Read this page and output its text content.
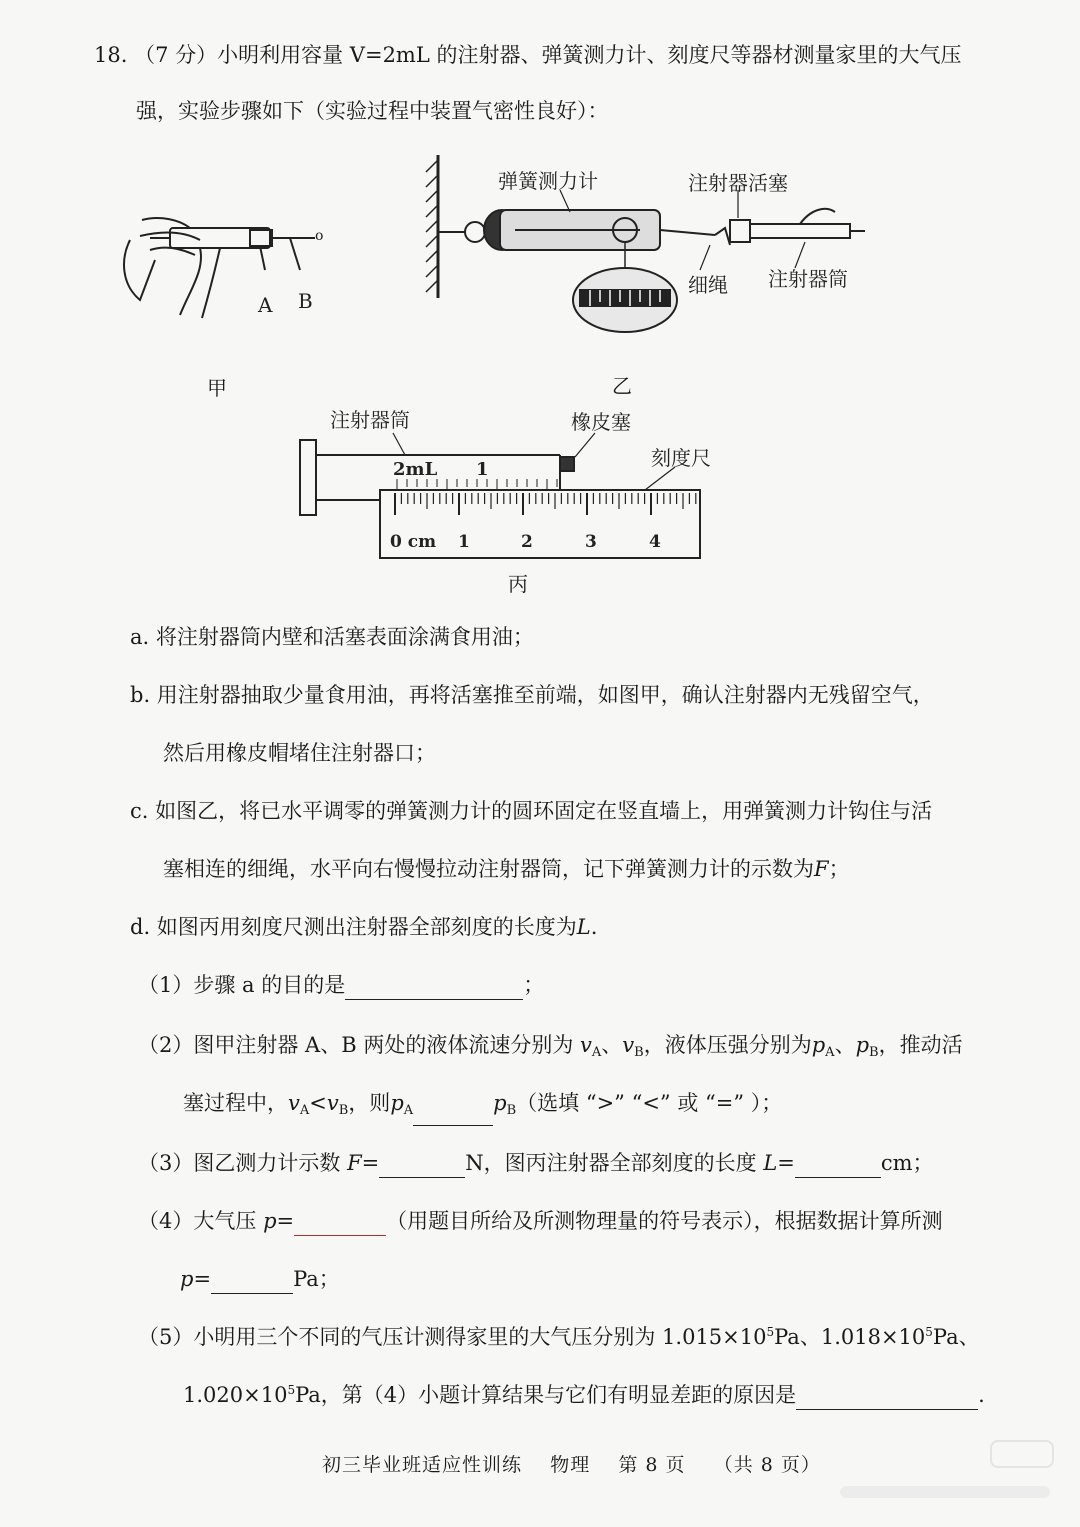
18. （7 分）小明利用容量 V=2mL 的注射器、弹簧测力计、刻度尺等器材测量家里的大气压
强，实验步骤如下（实验过程中装置气密性良好）：
ο
A B
甲
弹簧测力计	注射器活塞
细绳 注射器筒
乙
注射器筒	橡皮塞
刻度尺
2mL 1
0 cm 1	2	3	4
丙
a. 将注射器筒内壁和活塞表面涂满食用油；
b. 用注射器抽取少量食用油，再将活塞推至前端，如图甲，确认注射器内无残留空气，
然后用橡皮帽堵住注射器口；
c. 如图乙，将已水平调零的弹簧测力计的圆环固定在竖直墙上，用弹簧测力计钩住与活
塞相连的细绳，水平向右慢慢拉动注射器筒，记下弹簧测力计的示数为F；
d. 如图丙用刻度尺测出注射器全部刻度的长度为L.
（1）步骤 a 的目的是	；
（2）图甲注射器 A、B 两处的液体流速分别为 $v_A$、$v_B$，液体压强分别为$p_A$、$p_B$，推动活
塞过程中，$v_A<v_B$，则$p_A$	$p_B$（选填 “>” “<” 或 “=” ）；
（3）图乙测力计示数 F=	N，图丙注射器全部刻度的长度 L=	cm；
（4）大气压 p=	（用题目所给及所测物理量的符号表示），根据数据计算所测
p=	Pa；
（5）小明用三个不同的气压计测得家里的大气压分别为 $1.015\times 10^5Pa$、$1.018\times 10^5Pa$、
$1.020\times 10^5Pa$，第（4）小题计算结果与它们有明显差距的原因是	.
初三毕业班适应性训练 物理 第 8 页 （共 8 页）
